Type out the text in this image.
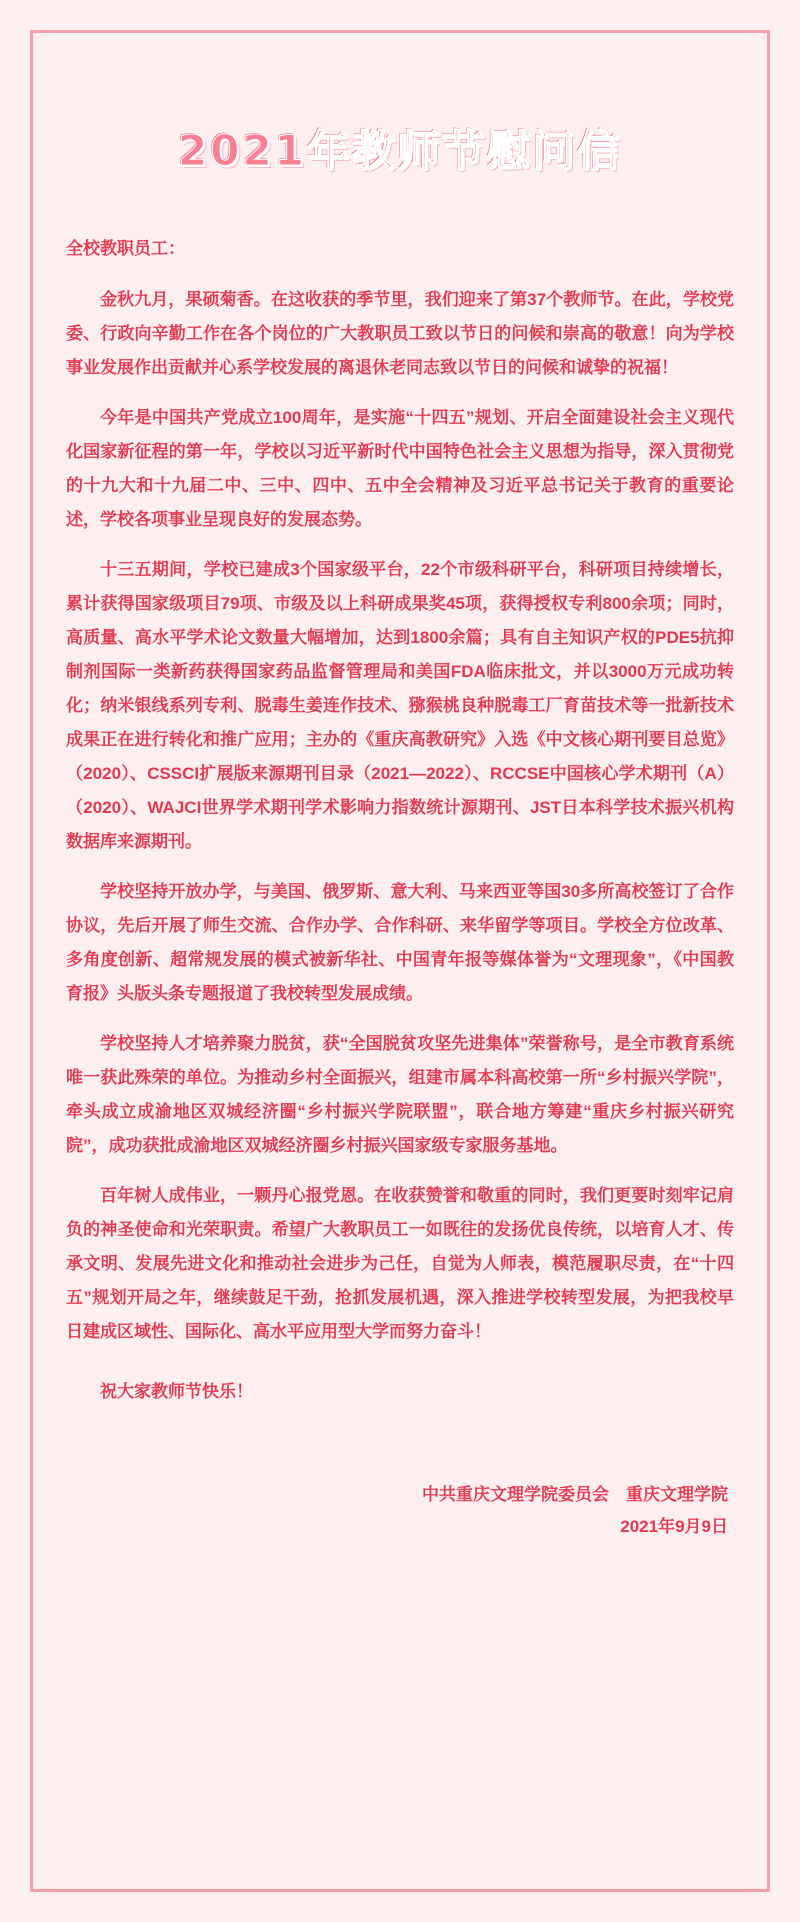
2021年教师节慰问信

全校教职员工：

金秋九月，果硕菊香。在这收获的季节里，我们迎来了第37个教师节。在此，学校党委、行政向辛勤工作在各个岗位的广大教职员工致以节日的问候和崇高的敬意！向为学校事业发展作出贡献并心系学校发展的离退休老同志致以节日的问候和诚挚的祝福！

今年是中国共产党成立100周年，是实施“十四五”规划、开启全面建设社会主义现代化国家新征程的第一年，学校以习近平新时代中国特色社会主义思想为指导，深入贯彻党的十九大和十九届二中、三中、四中、五中全会精神及习近平总书记关于教育的重要论述，学校各项事业呈现良好的发展态势。

十三五期间，学校已建成3个国家级平台，22个市级科研平台，科研项目持续增长，累计获得国家级项目79项、市级及以上科研成果奖45项，获得授权专利800余项；同时，高质量、高水平学术论文数量大幅增加，达到1800余篇；具有自主知识产权的PDE5抗抑制剂国际一类新药获得国家药品监督管理局和美国FDA临床批文，并以3000万元成功转化；纳米银线系列专利、脱毒生姜连作技术、猕猴桃良种脱毒工厂育苗技术等一批新技术成果正在进行转化和推广应用；主办的《重庆高教研究》入选《中文核心期刊要目总览》（2020）、CSSCI扩展版来源期刊目录（2021—2022）、RCCSE中国核心学术期刊（A）（2020）、WAJCI世界学术期刊学术影响力指数统计源期刊、JST日本科学技术振兴机构数据库来源期刊。

学校坚持开放办学，与美国、俄罗斯、意大利、马来西亚等国30多所高校签订了合作协议，先后开展了师生交流、合作办学、合作科研、来华留学等项目。学校全方位改革、多角度创新、超常规发展的模式被新华社、中国青年报等媒体誉为“文理现象”，《中国教育报》头版头条专题报道了我校转型发展成绩。

学校坚持人才培养聚力脱贫，获“全国脱贫攻坚先进集体”荣誉称号，是全市教育系统唯一获此殊荣的单位。为推动乡村全面振兴，组建市属本科高校第一所“乡村振兴学院”，牵头成立成渝地区双城经济圈“乡村振兴学院联盟”，联合地方筹建“重庆乡村振兴研究院”，成功获批成渝地区双城经济圈乡村振兴国家级专家服务基地。

百年树人成伟业，一颗丹心报党恩。在收获赞誉和敬重的同时，我们更要时刻牢记肩负的神圣使命和光荣职责。希望广大教职员工一如既往的发扬优良传统，以培育人才、传承文明、发展先进文化和推动社会进步为己任，自觉为人师表，模范履职尽责，在“十四五”规划开局之年，继续鼓足干劲，抢抓发展机遇，深入推进学校转型发展，为把我校早日建成区域性、国际化、高水平应用型大学而努力奋斗！

祝大家教师节快乐！

中共重庆文理学院委员会　重庆文理学院
2021年9月9日
